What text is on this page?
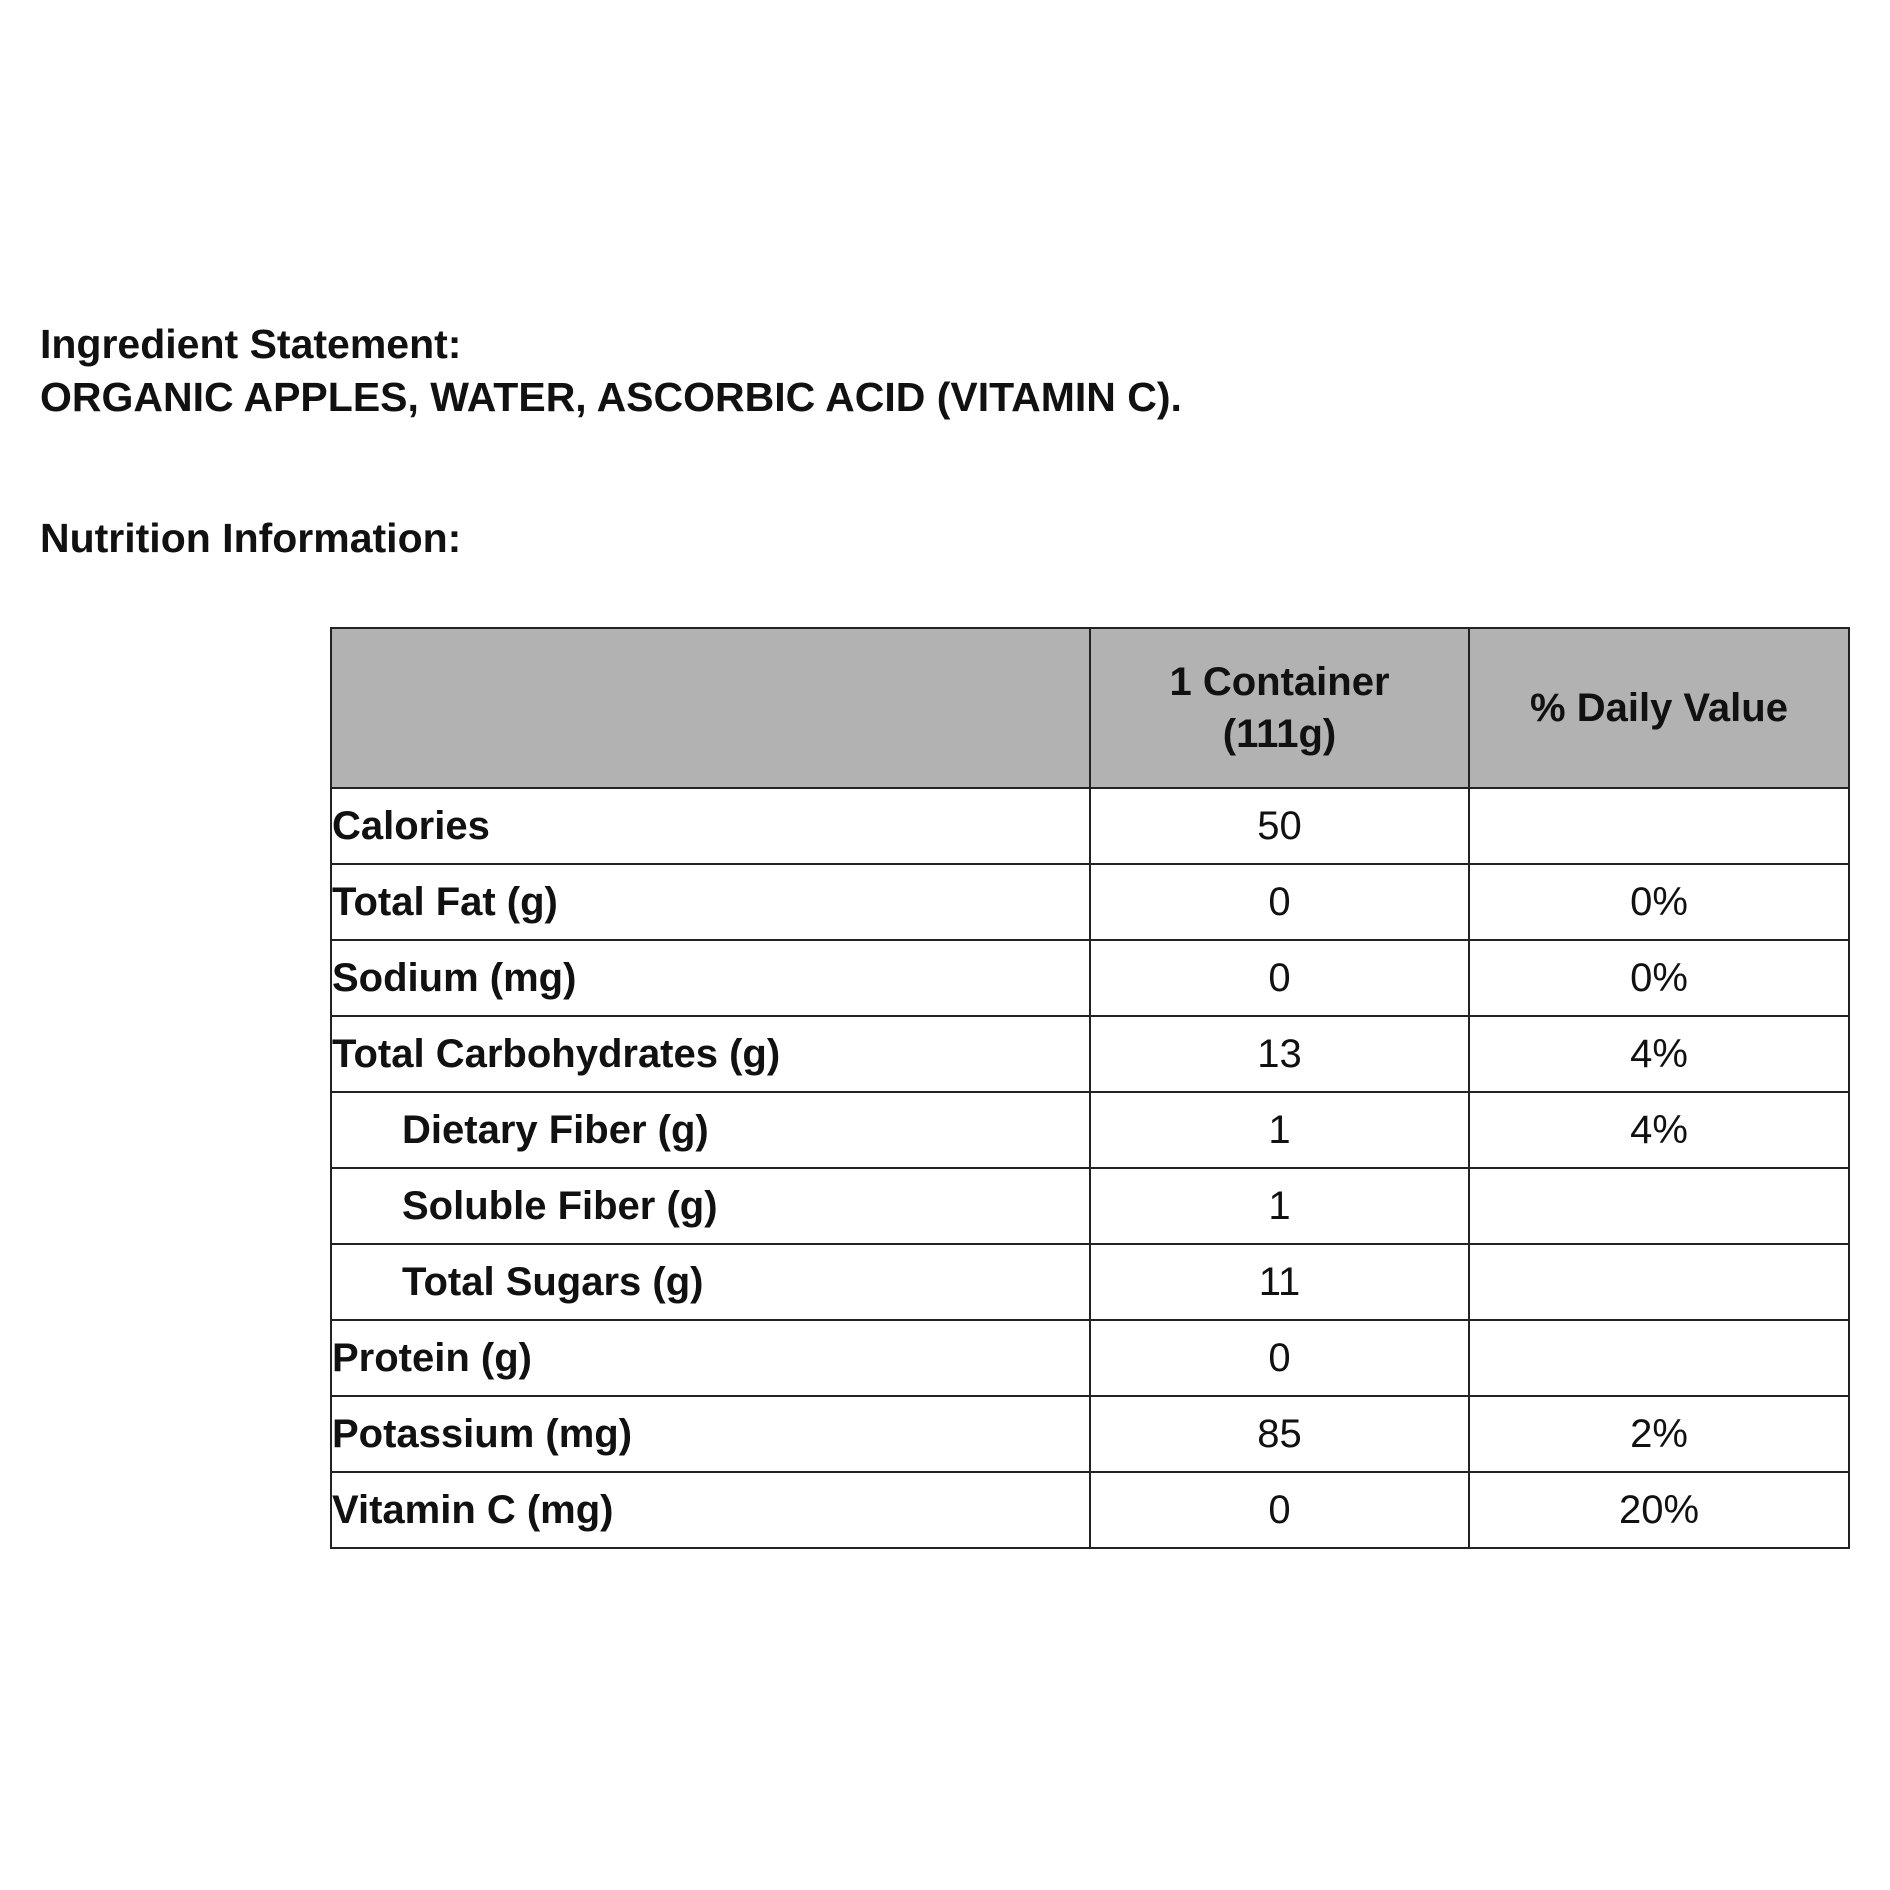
Ingredient Statement:
ORGANIC APPLES, WATER, ASCORBIC ACID (VITAMIN C).
Nutrition Information:

	1 Container
(111g)	% Daily Value
Calories	50	
Total Fat (g)	0	0%
Sodium (mg)	0	0%
Total Carbohydrates (g)	13	4%
Dietary Fiber (g)	1	4%
Soluble Fiber (g)	1	
Total Sugars (g)	11	
Protein (g)	0	
Potassium (mg)	85	2%
Vitamin C (mg)	0	20%
